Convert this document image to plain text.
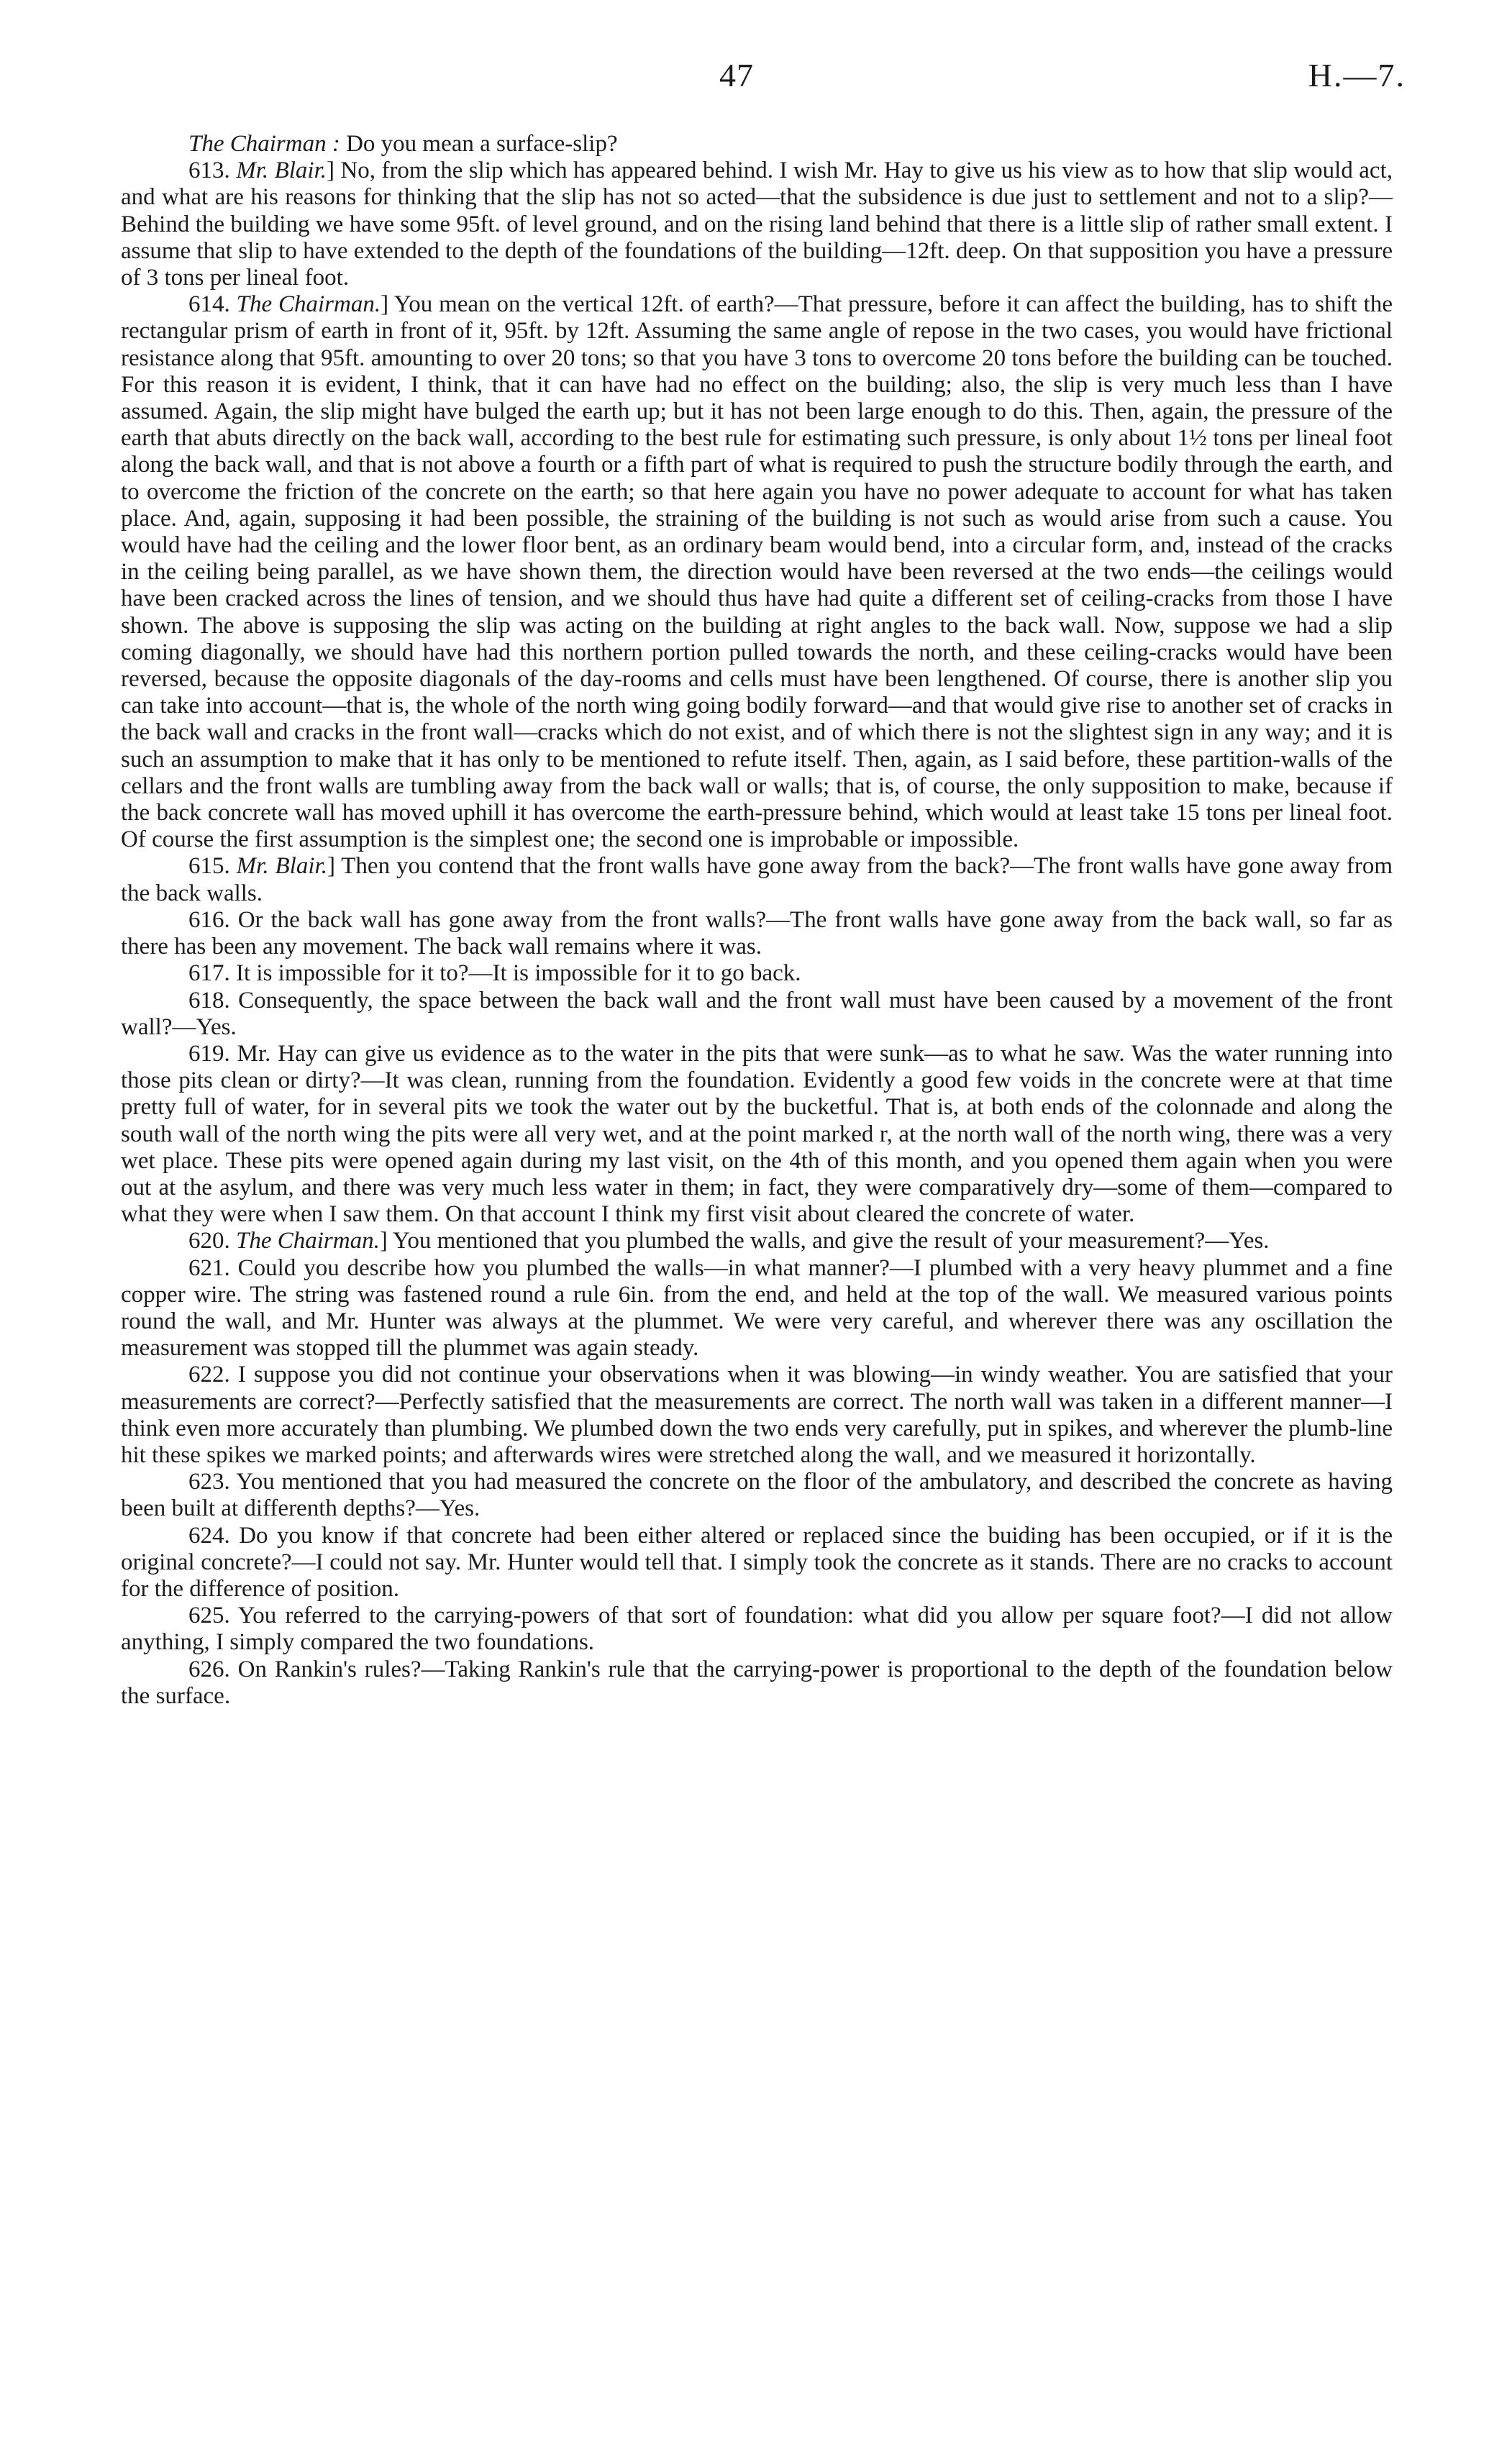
47	H.—7.

The Chairman : Do you mean a surface-slip?

613. Mr. Blair.] No, from the slip which has appeared behind. I wish Mr. Hay to give us his view as to how that slip would act, and what are his reasons for thinking that the slip has not so acted—that the subsidence is due just to settlement and not to a slip?—Behind the building we have some 95ft. of level ground, and on the rising land behind that there is a little slip of rather small extent. I assume that slip to have extended to the depth of the foundations of the building—12ft. deep. On that supposition you have a pressure of 3 tons per lineal foot.

614. The Chairman.] You mean on the vertical 12ft. of earth?—That pressure, before it can affect the building, has to shift the rectangular prism of earth in front of it, 95ft. by 12ft. Assuming the same angle of repose in the two cases, you would have frictional resistance along that 95ft. amounting to over 20 tons; so that you have 3 tons to overcome 20 tons before the building can be touched. For this reason it is evident, I think, that it can have had no effect on the building; also, the slip is very much less than I have assumed. Again, the slip might have bulged the earth up; but it has not been large enough to do this. Then, again, the pressure of the earth that abuts directly on the back wall, according to the best rule for estimating such pressure, is only about 1½ tons per lineal foot along the back wall, and that is not above a fourth or a fifth part of what is required to push the structure bodily through the earth, and to overcome the friction of the concrete on the earth; so that here again you have no power adequate to account for what has taken place. And, again, supposing it had been possible, the straining of the building is not such as would arise from such a cause. You would have had the ceiling and the lower floor bent, as an ordinary beam would bend, into a circular form, and, instead of the cracks in the ceiling being parallel, as we have shown them, the direction would have been reversed at the two ends—the ceilings would have been cracked across the lines of tension, and we should thus have had quite a different set of ceiling-cracks from those I have shown. The above is supposing the slip was acting on the building at right angles to the back wall. Now, suppose we had a slip coming diagonally, we should have had this northern portion pulled towards the north, and these ceiling-cracks would have been reversed, because the opposite diagonals of the day-rooms and cells must have been lengthened. Of course, there is another slip you can take into account—that is, the whole of the north wing going bodily forward—and that would give rise to another set of cracks in the back wall and cracks in the front wall—cracks which do not exist, and of which there is not the slightest sign in any way; and it is such an assumption to make that it has only to be mentioned to refute itself. Then, again, as I said before, these partition-walls of the cellars and the front walls are tumbling away from the back wall or walls; that is, of course, the only supposition to make, because if the back concrete wall has moved uphill it has overcome the earth-pressure behind, which would at least take 15 tons per lineal foot. Of course the first assumption is the simplest one; the second one is improbable or impossible.

615. Mr. Blair.] Then you contend that the front walls have gone away from the back?—The front walls have gone away from the back walls.

616. Or the back wall has gone away from the front walls?—The front walls have gone away from the back wall, so far as there has been any movement. The back wall remains where it was.

617. It is impossible for it to?—It is impossible for it to go back.

618. Consequently, the space between the back wall and the front wall must have been caused by a movement of the front wall?—Yes.

619. Mr. Hay can give us evidence as to the water in the pits that were sunk—as to what he saw. Was the water running into those pits clean or dirty?—It was clean, running from the foundation. Evidently a good few voids in the concrete were at that time pretty full of water, for in several pits we took the water out by the bucketful. That is, at both ends of the colonnade and along the south wall of the north wing the pits were all very wet, and at the point marked r, at the north wall of the north wing, there was a very wet place. These pits were opened again during my last visit, on the 4th of this month, and you opened them again when you were out at the asylum, and there was very much less water in them; in fact, they were comparatively dry—some of them—compared to what they were when I saw them. On that account I think my first visit about cleared the concrete of water.

620. The Chairman.] You mentioned that you plumbed the walls, and give the result of your measurement?—Yes.

621. Could you describe how you plumbed the walls—in what manner?—I plumbed with a very heavy plummet and a fine copper wire. The string was fastened round a rule 6in. from the end, and held at the top of the wall. We measured various points round the wall, and Mr. Hunter was always at the plummet. We were very careful, and wherever there was any oscillation the measurement was stopped till the plummet was again steady.

622. I suppose you did not continue your observations when it was blowing—in windy weather. You are satisfied that your measurements are correct?—Perfectly satisfied that the measurements are correct. The north wall was taken in a different manner—I think even more accurately than plumbing. We plumbed down the two ends very carefully, put in spikes, and wherever the plumb-line hit these spikes we marked points; and afterwards wires were stretched along the wall, and we measured it horizontally.

623. You mentioned that you had measured the concrete on the floor of the ambulatory, and described the concrete as having been built at differenth depths?—Yes.

624. Do you know if that concrete had been either altered or replaced since the buiding has been occupied, or if it is the original concrete?—I could not say. Mr. Hunter would tell that. I simply took the concrete as it stands. There are no cracks to account for the difference of position.

625. You referred to the carrying-powers of that sort of foundation: what did you allow per square foot?—I did not allow anything, I simply compared the two foundations.

626. On Rankin's rules?—Taking Rankin's rule that the carrying-power is proportional to the depth of the foundation below the surface.
